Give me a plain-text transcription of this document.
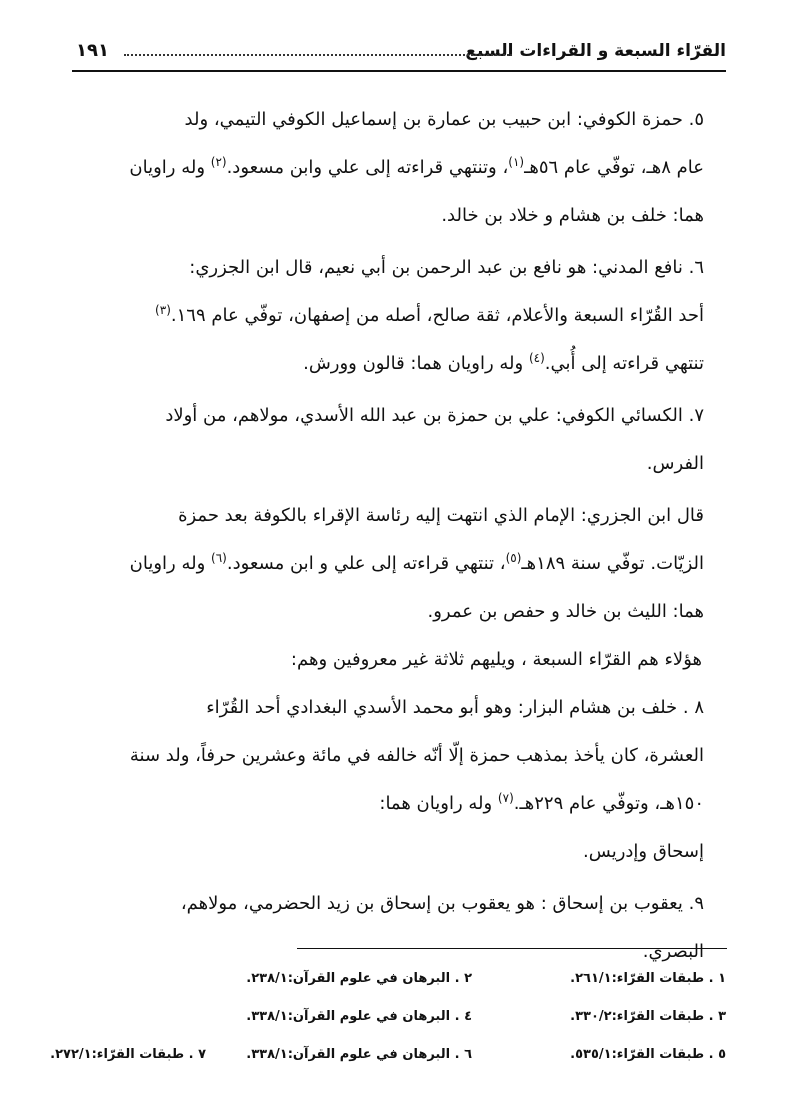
القرّاء السبعة و القراءات السبع
١٩١
٥. حمزة الكوفي: ابن حبيب بن عمارة بن إسماعيل الكوفي التيمي، ولد
عام ٨هـ، توفّي عام ٥٦هـ$^{(١)}$، وتنتهي قراءته إلى علي وابن مسعود.$^{(٢)}$ وله راويان
هما: خلف بن هشام و خلاد بن خالد.
٦. نافع المدني: هو نافع بن عبد الرحمن بن أبي نعيم، قال ابن الجزري:
أحد القُرّاء السبعة والأعلام، ثقة صالح، أصله من إصفهان، توفّي عام ١٦٩.$^{(٣)}$
تنتهي قراءته إلى أُبي.$^{(٤)}$ وله راويان هما: قالون وورش.
٧. الكسائي الكوفي: علي بن حمزة بن عبد الله الأسدي، مولاهم، من أولاد
الفرس.
قال ابن الجزري: الإمام الذي انتهت إليه رئاسة الإقراء بالكوفة بعد حمزة
الزيّات. توفّي سنة ١٨٩هـ$^{(٥)}$، تنتهي قراءته إلى علي و ابن مسعود.$^{(٦)}$ وله راويان
هما: الليث بن خالد و حفص بن عمرو.
هؤلاء هم القرّاء السبعة ، ويليهم ثلاثة غير معروفين وهم:
٨ . خلف بن هشام البزار: وهو أبو محمد الأسدي البغدادي أحد القُرّاء
العشرة، كان يأخذ بمذهب حمزة إلّا أنّه خالفه في مائة وعشرين حرفاً، ولد سنة
١٥٠هـ، وتوفّي عام ٢٢٩هـ.$^{(٧)}$ وله راويان هما:
إسحاق وإدريس.
٩. يعقوب بن إسحاق : هو يعقوب بن إسحاق بن زيد الحضرمي، مولاهم،
البصري.
١ . طبقات القرّاء:٢٦١/١.
٢ . البرهان في علوم القرآن:٢٣٨/١.
٣ . طبقات القرّاء:٣٣٠/٢.
٤ . البرهان في علوم القرآن:٣٣٨/١.
٥ . طبقات القرّاء:٥٣٥/١.
٦ . البرهان في علوم القرآن:٣٣٨/١.
٧ . طبقات القرّاء:٢٧٢/١.
